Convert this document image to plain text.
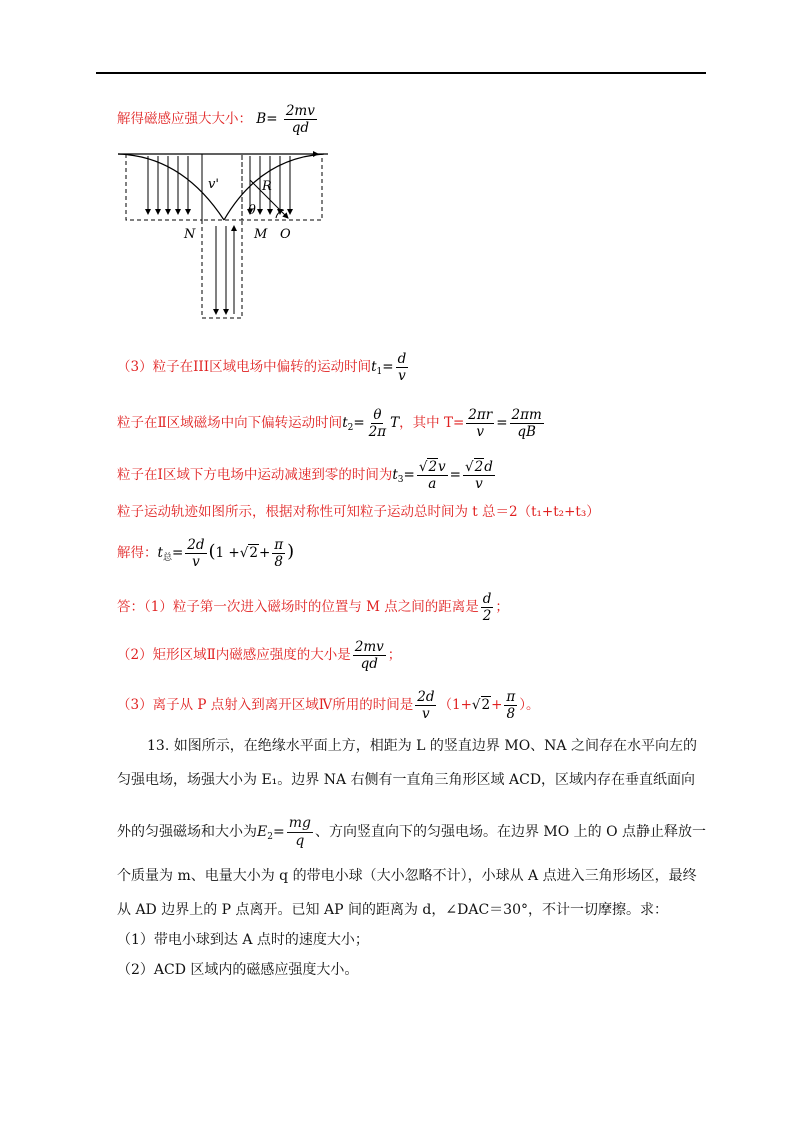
解得磁感应强大大小： $B= \frac{2mv}{qd}$
v'	R
θ
N	M O
（3）粒子在III区域电场中偏转的运动时间$t_1= \frac{d}{v}$
粒子在Ⅱ区域磁场中向下偏转运动时间$t_2= \frac{\theta}{2\pi}$ T，其中 $T= \frac{2\pi r}{v} = \frac{2\pi m}{qB}$
粒子在Ⅰ区域下方电场中运动减速到零的时间为$t_3= \frac{√2v}{a} = \frac{√2d}{v}$
粒子运动轨迹如图所示，根据对称性可知粒子运动总时间为 t 总＝2（t₁+t₂+t₃）
解得：$t_总= \frac{2d}{v} (1 +√2+ \frac{\pi}{8}$ )
答：（1）粒子第一次进入磁场时的位置与 M 点之间的距离是 $\frac{d}{2}$ ；
（2）矩形区域Ⅱ内磁感应强度的大小是 $\frac{2mv}{qd}$ ；
（3）离子从 P 点射入到离开区域Ⅳ所用的时间是 $\frac{2d}{v} (1+√2+ \frac{\pi}{8}$ ）。
13. 如图所示，在绝缘水平面上方，相距为 L 的竖直边界 MO、NA 之间存在水平向左的
匀强电场，场强大小为 E₁。边界 NA 右侧有一直角三角形区域 ACD，区域内存在垂直纸面向
外的匀强磁场和大小为$E_2= \frac{mg}{q}$ 、方向竖直向下的匀强电场。在边界 MO 上的 O 点静止释放一
个质量为 m、电量大小为 q 的带电小球（大小忽略不计），小球从 A 点进入三角形场区，最终
从 AD 边界上的 P 点离开。已知 AP 间的距离为 d，∠DAC＝30°，不计一切摩擦。求：
（1）带电小球到达 A 点时的速度大小；
（2）ACD 区域内的磁感应强度大小。
